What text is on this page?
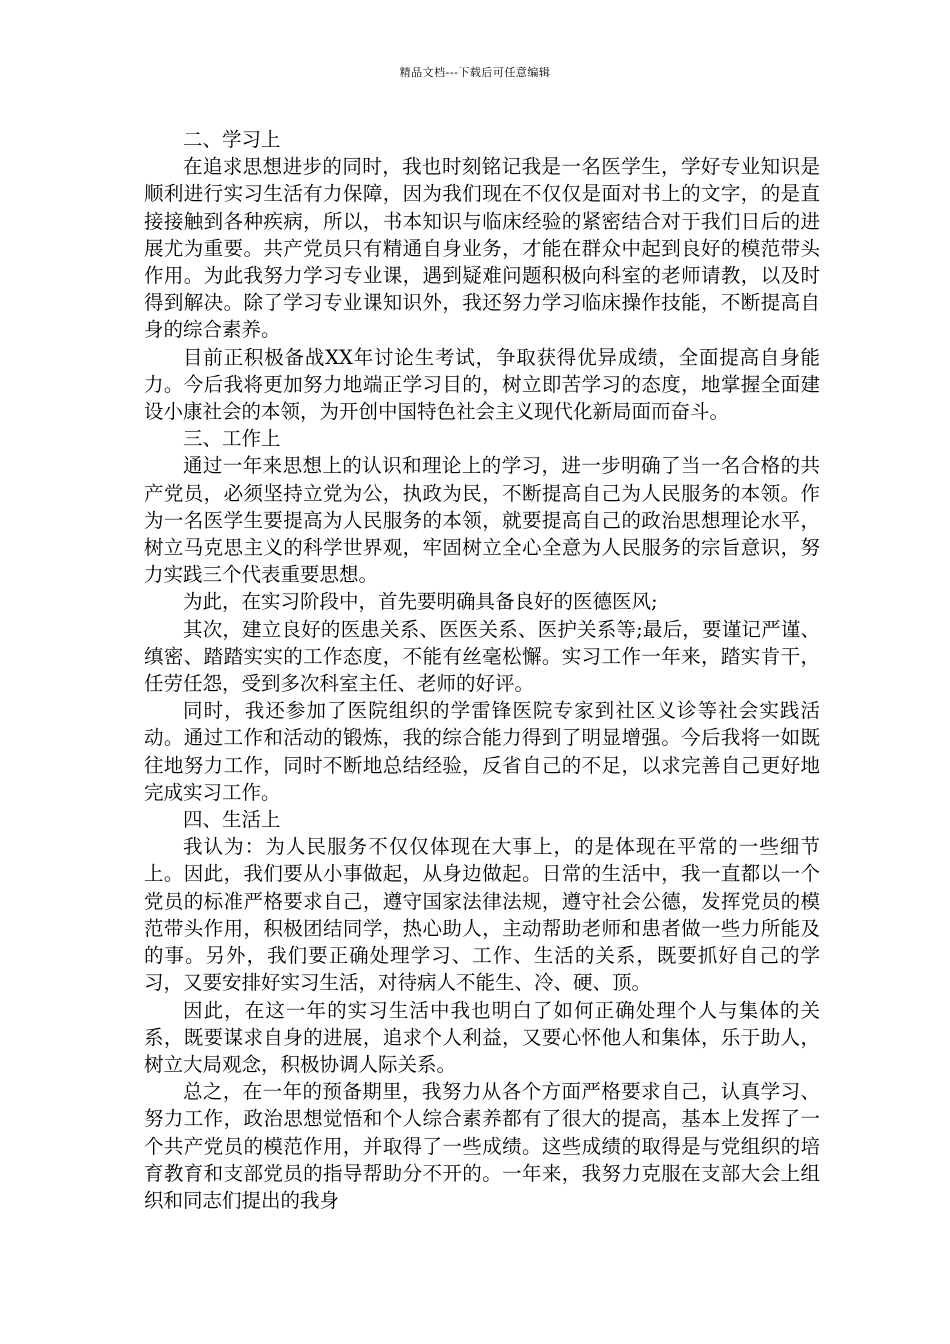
精品文档---下载后可任意编辑
二、学习上

在追求思想进步的同时，我也时刻铭记我是一名医学生，学好专业知识是顺利进行实习生活有力保障，因为我们现在不仅仅是面对书上的文字，的是直接接触到各种疾病，所以，书本知识与临床经验的紧密结合对于我们日后的进展尤为重要。共产党员只有精通自身业务，才能在群众中起到良好的模范带头作用。为此我努力学习专业课，遇到疑难问题积极向科室的老师请教，以及时得到解决。除了学习专业课知识外，我还努力学习临床操作技能，不断提高自身的综合素养。

目前正积极备战XX年讨论生考试，争取获得优异成绩，全面提高自身能力。今后我将更加努力地端正学习目的，树立即苦学习的态度，地掌握全面建设小康社会的本领，为开创中国特色社会主义现代化新局面而奋斗。

三、工作上

通过一年来思想上的认识和理论上的学习，进一步明确了当一名合格的共产党员，必须坚持立党为公，执政为民，不断提高自己为人民服务的本领。作为一名医学生要提高为人民服务的本领，就要提高自己的政治思想理论水平，树立马克思主义的科学世界观，牢固树立全心全意为人民服务的宗旨意识，努力实践三个代表重要思想。

为此，在实习阶段中，首先要明确具备良好的医德医风;

其次，建立良好的医患关系、医医关系、医护关系等;最后，要谨记严谨、缜密、踏踏实实的工作态度，不能有丝毫松懈。实习工作一年来，踏实肯干，任劳任怨，受到多次科室主任、老师的好评。

同时，我还参加了医院组织的学雷锋医院专家到社区义诊等社会实践活动。通过工作和活动的锻炼，我的综合能力得到了明显增强。今后我将一如既往地努力工作，同时不断地总结经验，反省自己的不足，以求完善自己更好地完成实习工作。

四、生活上

我认为：为人民服务不仅仅体现在大事上，的是体现在平常的一些细节上。因此，我们要从小事做起，从身边做起。日常的生活中，我一直都以一个党员的标准严格要求自己，遵守国家法律法规，遵守社会公德，发挥党员的模范带头作用，积极团结同学，热心助人，主动帮助老师和患者做一些力所能及的事。另外，我们要正确处理学习、工作、生活的关系，既要抓好自己的学习，又要安排好实习生活，对待病人不能生、冷、硬、顶。

因此，在这一年的实习生活中我也明白了如何正确处理个人与集体的关系，既要谋求自身的进展，追求个人利益，又要心怀他人和集体，乐于助人，树立大局观念，积极协调人际关系。

总之，在一年的预备期里，我努力从各个方面严格要求自己，认真学习、努力工作，政治思想觉悟和个人综合素养都有了很大的提高，基本上发挥了一个共产党员的模范作用，并取得了一些成绩。这些成绩的取得是与党组织的培育教育和支部党员的指导帮助分不开的。一年来，我努力克服在支部大会上组织和同志们提出的我身
